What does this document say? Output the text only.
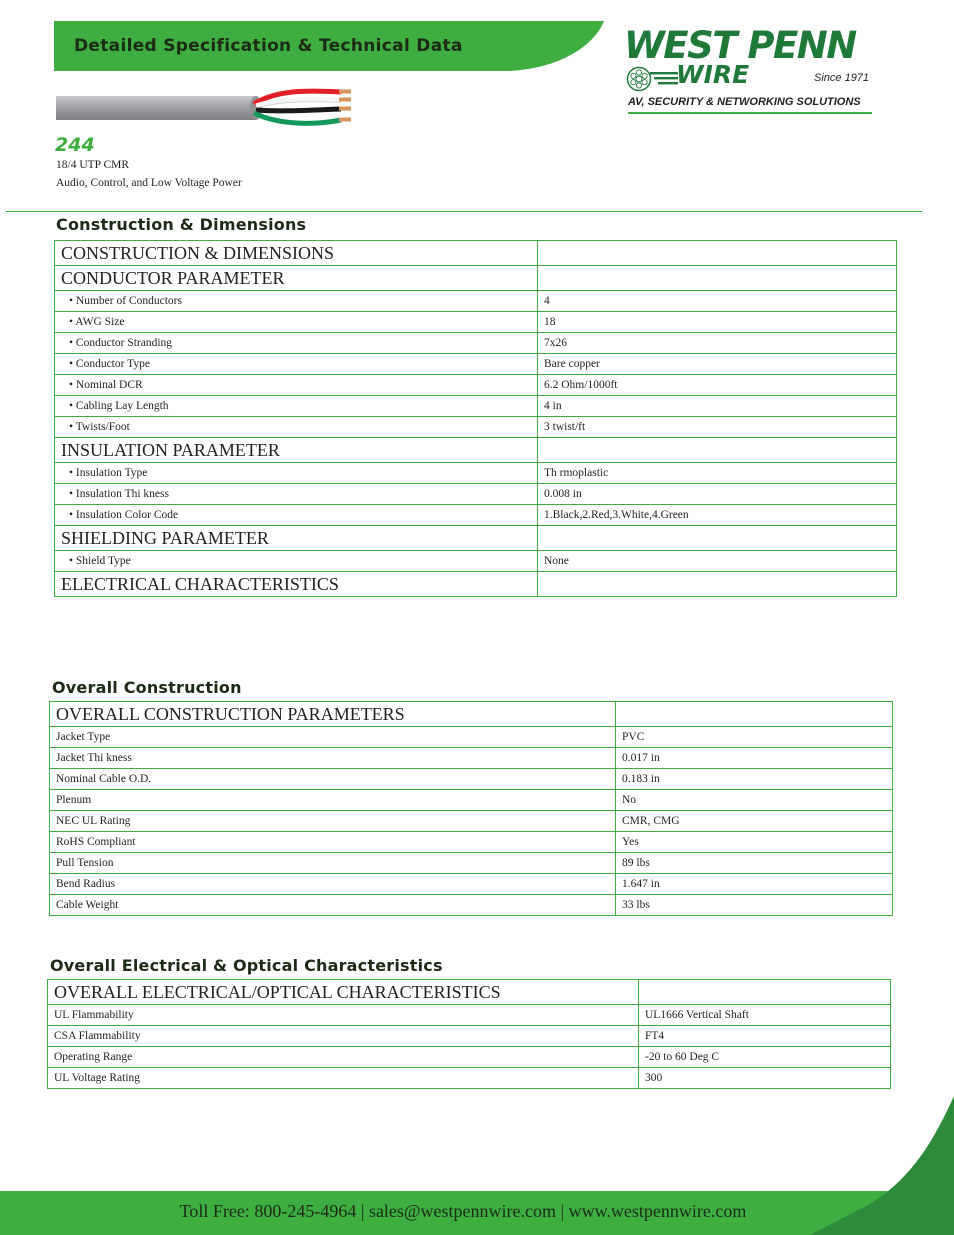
Detailed Specification & Technical Data	WEST PENN
WIRE	Since 1971
AV, SECURITY & NETWORKING SOLUTIONS
244
18/4 UTP CMR
Audio, Control, and Low Voltage Power
Construction & Dimensions
CONSTRUCTION & DIMENSIONS	
CONDUCTOR PARAMETER	
• Number of Conductors	4
• AWG Size	18
• Conductor Stranding	7x26
• Conductor Type	Bare copper
• Nominal DCR	6.2 Ohm/1000ft
• Cabling Lay Length	4 in
• Twists/Foot	3 twist/ft
INSULATION PARAMETER	
• Insulation Type	Th rmoplastic
• Insulation Thi kness	0.008 in
• Insulation Color Code	1.Black,2.Red,3.White,4.Green
SHIELDING PARAMETER	
• Shield Type	None
ELECTRICAL CHARACTERISTICS	
Overall Construction
OVERALL CONSTRUCTION PARAMETERS	
Jacket Type	PVC
Jacket Thi kness	0.017 in
Nominal Cable O.D.	0.183 in
Plenum	No
NEC UL Rating	CMR, CMG
RoHS Compliant	Yes
Pull Tension	89 lbs
Bend Radius	1.647 in
Cable Weight	33 lbs
Overall Electrical & Optical Characteristics
OVERALL ELECTRICAL/OPTICAL CHARACTERISTICS	
UL Flammability	UL1666 Vertical Shaft
CSA Flammability	FT4
Operating Range	-20 to 60 Deg C
UL Voltage Rating	300
Toll Free: 800-245-4964 | sales@westpennwire.com | www.westpennwire.com
